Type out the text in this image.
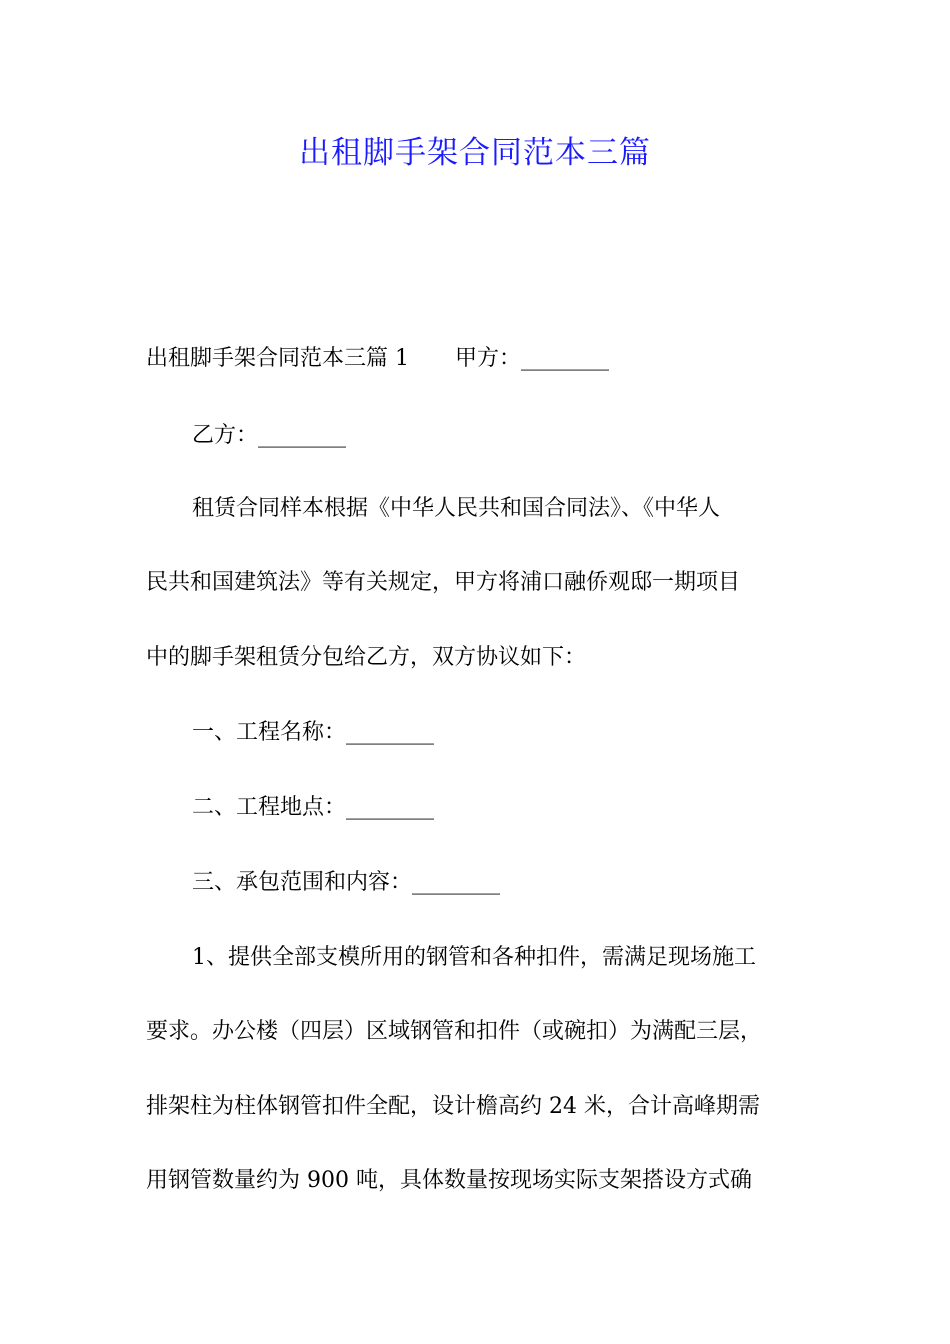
出租脚手架合同范本三篇
出租脚手架合同范本三篇 1 甲方：________
乙方：________
租赁合同样本根据《中华人民共和国合同法》、《中华人
民共和国建筑法》等有关规定，甲方将浦口融侨观邸一期项目
中的脚手架租赁分包给乙方，双方协议如下：
一、工程名称：________
二、工程地点：________
三、承包范围和内容：________
1、提供全部支模所用的钢管和各种扣件，需满足现场施工
要求。办公楼（四层）区域钢管和扣件（或碗扣）为满配三层，
排架柱为柱体钢管扣件全配，设计檐高约 24 米，合计高峰期需
用钢管数量约为 900 吨，具体数量按现场实际支架搭设方式确
